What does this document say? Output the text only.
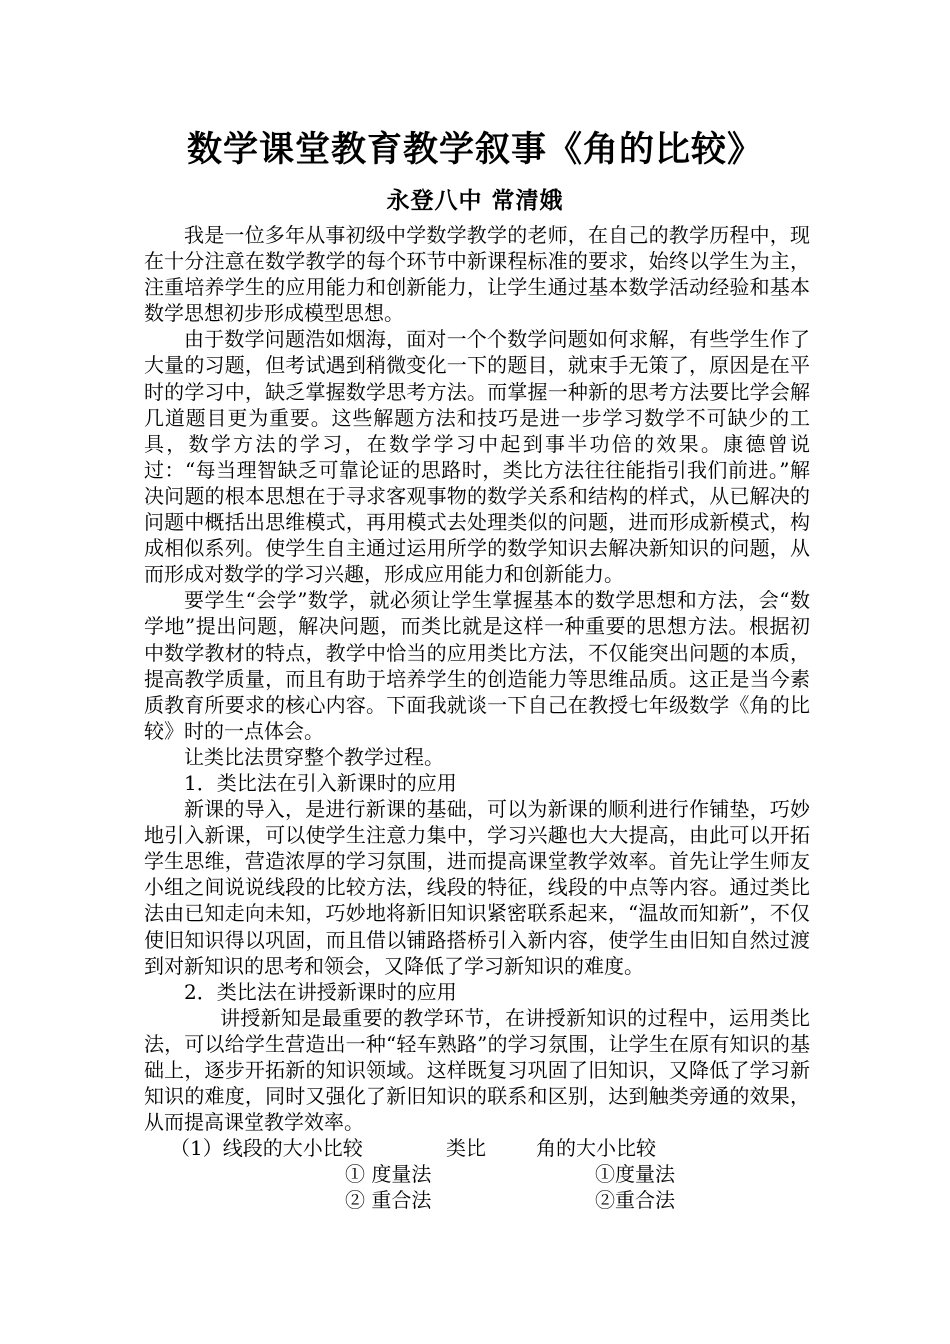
数学课堂教育教学叙事《角的比较》
永登八中 常清娥

我是一位多年从事初级中学数学教学的老师，在自己的教学历程中，现在十分注意在数学教学的每个环节中新课程标准的要求，始终以学生为主，注重培养学生的应用能力和创新能力，让学生通过基本数学活动经验和基本数学思想初步形成模型思想。

由于数学问题浩如烟海，面对一个个数学问题如何求解，有些学生作了大量的习题，但考试遇到稍微变化一下的题目，就束手无策了，原因是在平时的学习中，缺乏掌握数学思考方法。而掌握一种新的思考方法要比学会解几道题目更为重要。这些解题方法和技巧是进一步学习数学不可缺少的工具，数学方法的学习，在数学学习中起到事半功倍的效果。康德曾说过：“每当理智缺乏可靠论证的思路时，类比方法往往能指引我们前进。”解决问题的根本思想在于寻求客观事物的数学关系和结构的样式，从已解决的问题中概括出思维模式，再用模式去处理类似的问题，进而形成新模式，构成相似系列。使学生自主通过运用所学的数学知识去解决新知识的问题，从而形成对数学的学习兴趣，形成应用能力和创新能力。

要学生“会学”数学，就必须让学生掌握基本的数学思想和方法，会“数学地”提出问题，解决问题，而类比就是这样一种重要的思想方法。根据初中数学教材的特点，教学中恰当的应用类比方法，不仅能突出问题的本质，提高教学质量，而且有助于培养学生的创造能力等思维品质。这正是当今素质教育所要求的核心内容。下面我就谈一下自己在教授七年级数学《角的比较》时的一点体会。

让类比法贯穿整个教学过程。

1．类比法在引入新课时的应用

新课的导入，是进行新课的基础，可以为新课的顺利进行作铺垫，巧妙地引入新课，可以使学生注意力集中，学习兴趣也大大提高，由此可以开拓学生思维，营造浓厚的学习氛围，进而提高课堂教学效率。首先让学生师友小组之间说说线段的比较方法，线段的特征，线段的中点等内容。通过类比法由已知走向未知，巧妙地将新旧知识紧密联系起来，“温故而知新”，不仅使旧知识得以巩固，而且借以铺路搭桥引入新内容，使学生由旧知自然过渡到对新知识的思考和领会，又降低了学习新知识的难度。

2．类比法在讲授新课时的应用

讲授新知是最重要的教学环节，在讲授新知识的过程中，运用类比法，可以给学生营造出一种“轻车熟路”的学习氛围，让学生在原有知识的基础上，逐步开拓新的知识领域。这样既复习巩固了旧知识，又降低了学习新知识的难度，同时又强化了新旧知识的联系和区别，达到触类旁通的效果，从而提高课堂教学效率。

（1）线段的大小比较	类比	角的大小比较
① 度量法	①度量法
② 重合法	②重合法
